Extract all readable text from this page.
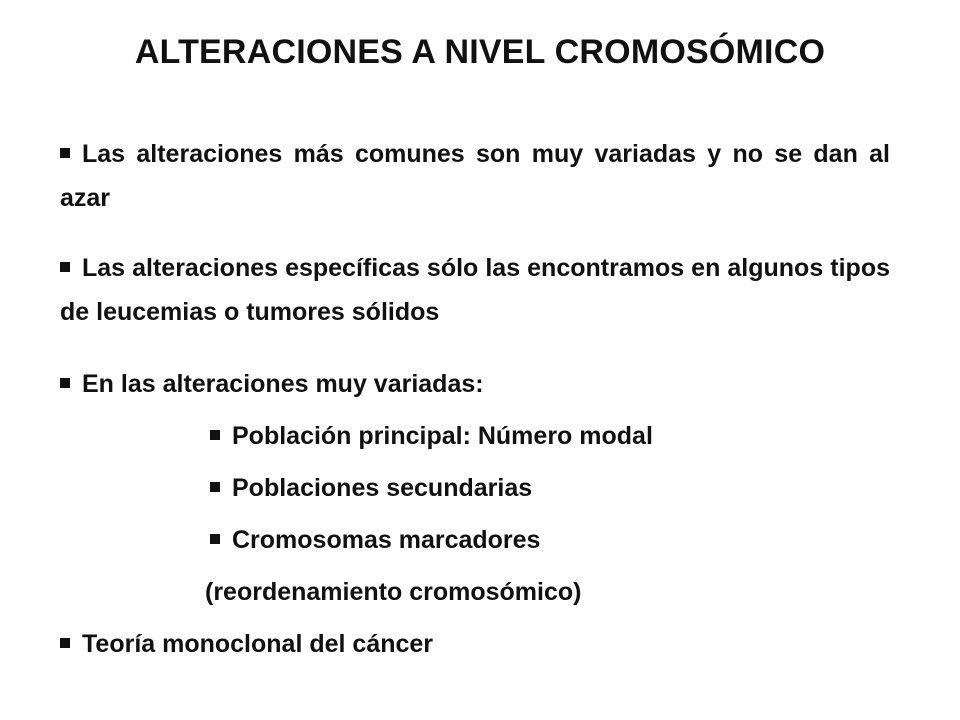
ALTERACIONES A NIVEL CROMOSÓMICO
Las alteraciones más comunes son muy variadas y no se dan al azar
Las alteraciones específicas sólo las encontramos en algunos tipos de leucemias o tumores sólidos
En las alteraciones muy variadas:
Población principal: Número modal
Poblaciones secundarias
Cromosomas marcadores
(reordenamiento cromosómico)
Teoría monoclonal del cáncer
